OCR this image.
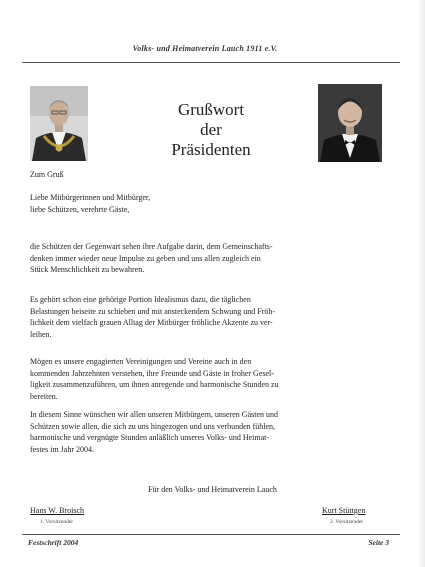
Volks- und Heimatverein Lauch 1911 e.V.
Grußwort
der
Präsidenten
Zum Gruß
Liebe Mitbürgerinnen und Mitbürger,
liebe Schützen, verehrte Gäste,
die Schützen der Gegenwart sehen ihre Aufgabe darin, dem Gemeinschafts-
denken immer wieder neue Impulse zu geben und uns allen zugleich ein
Stück Menschlichkeit zu bewahren.
Es gehört schon eine gehörige Portion Idealismus dazu, die täglichen
Belastungen beiseite zu schieben und mit ansteckendem Schwung und Fröh-
lichkeit dem vielfach grauen Alltag der Mitbürger fröhliche Akzente zu ver-
leihen.
Mögen es unsere engagierten Vereinigungen und Vereine auch in den
kommenden Jahrzehnten verstehen, ihre Freunde und Gäste in froher Gesel-
ligkeit zusammenzuführen, um ihnen anregende und harmonische Stunden zu
bereiten.
In diesem Sinne wünschen wir allen unseren Mitbürgern, unseren Gästen und
Schützen sowie allen, die sich zu uns hingezogen und uns verbunden fühlen,
harmonische und vergnügte Stunden anläßlich unseres Volks- und Heimat-
festes im Jahr 2004.
Für den Volks- und Heimatverein Lauch
Hans W. Broisch
1. Vorsitzender
Kurt Stüttgen
2. Vorsitzender
Festschrift 2004	Seite 3
